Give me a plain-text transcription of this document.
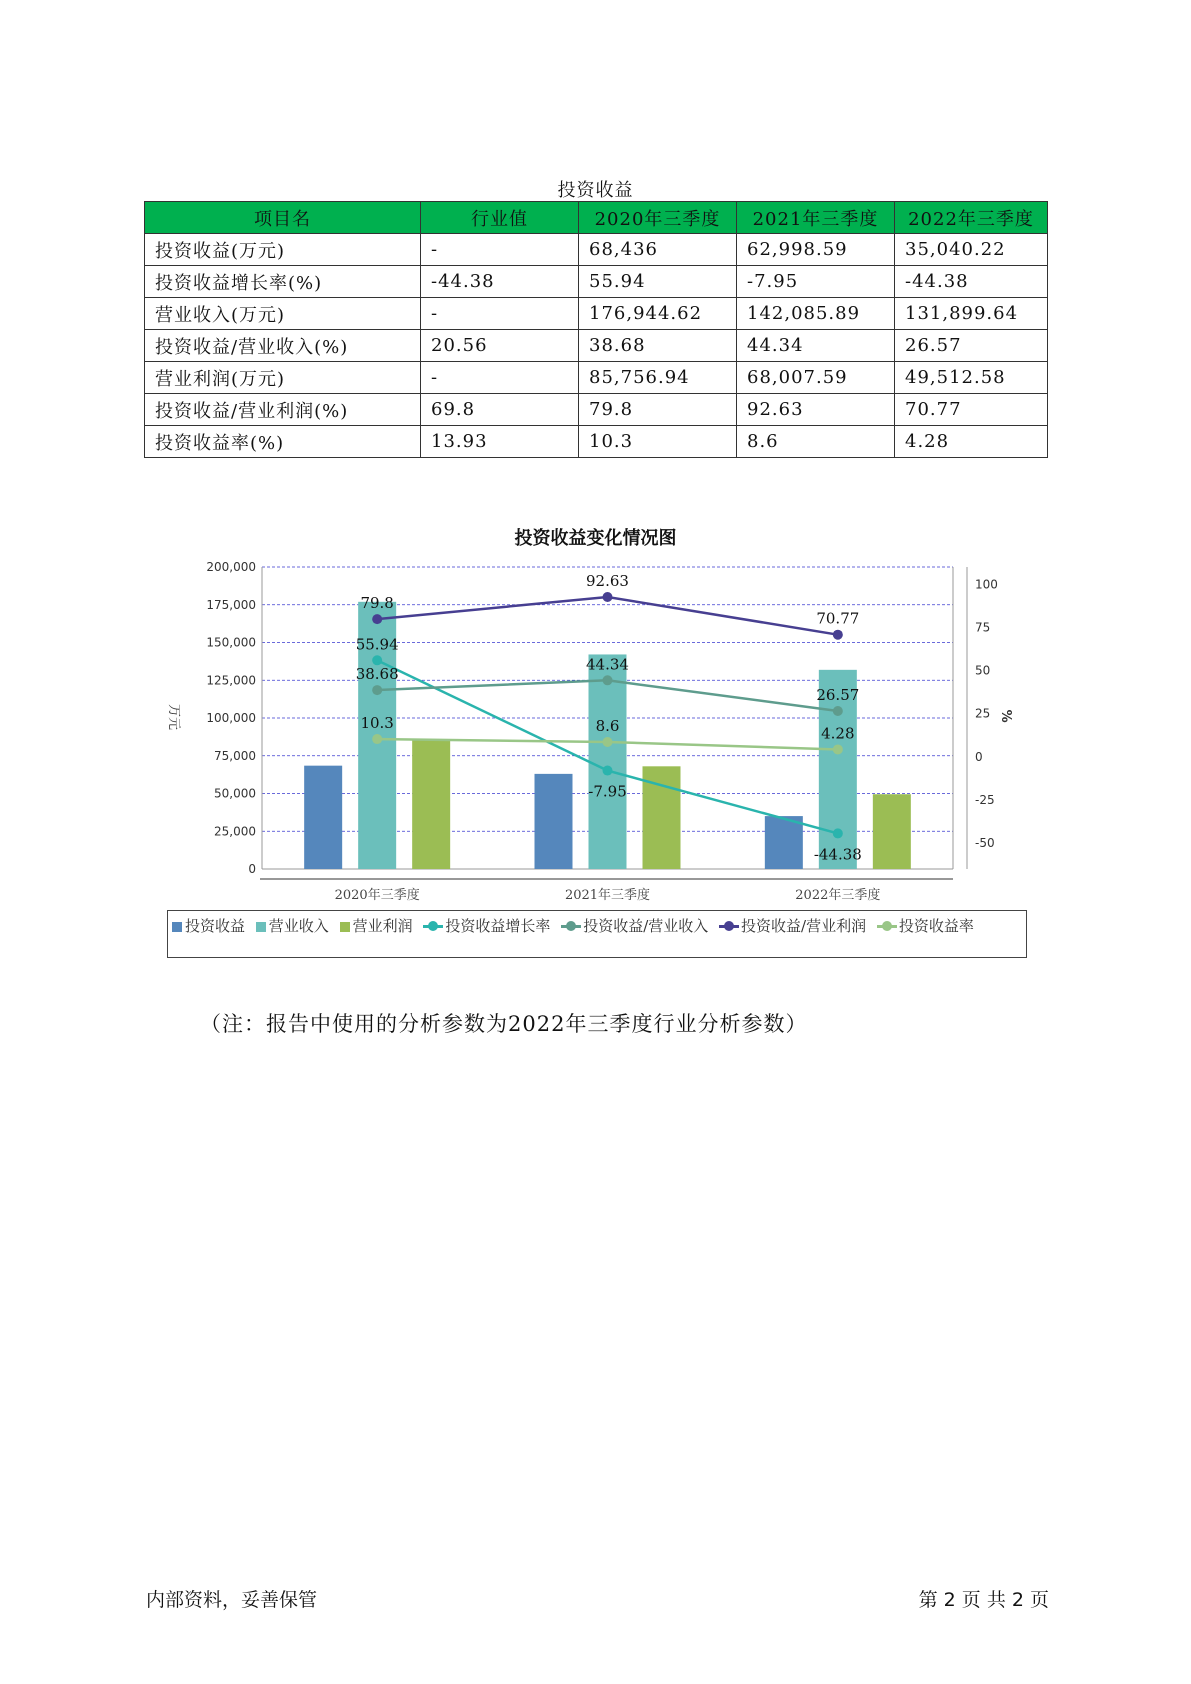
投资收益
项目名	行业值	2020年三季度	2021年三季度	2022年三季度
投资收益(万元)	-	68,436	62,998.59	35,040.22
投资收益增长率(%)	-44.38	55.94	-7.95	-44.38
营业收入(万元)	-	176,944.62	142,085.89	131,899.64
投资收益/营业收入(%)	20.56	38.68	44.34	26.57
营业利润(万元)	-	85,756.94	68,007.59	49,512.58
投资收益/营业利润(%)	69.8	79.8	92.63	70.77
投资收益率(%)	13.93	10.3	8.6	4.28
投资收益变化情况图
0
25,000
50,000
75,000
100,000
125,000
150,000
175,000
200,000
-50
-25
0
25
50
75
100
万元	%
2020年三季度	2021年三季度	2022年三季度
55.94
-7.95
-44.38
38.68
44.34
26.57
79.8
92.63
70.77
10.3	8.6	4.28
投资收益 营业收入 营业利润 投资收益增长率 投资收益/营业收入 投资收益/营业利润 投资收益率
（注：报告中使用的分析参数为2022年三季度行业分析参数）
内部资料，妥善保管	第 2 页 共 2 页
